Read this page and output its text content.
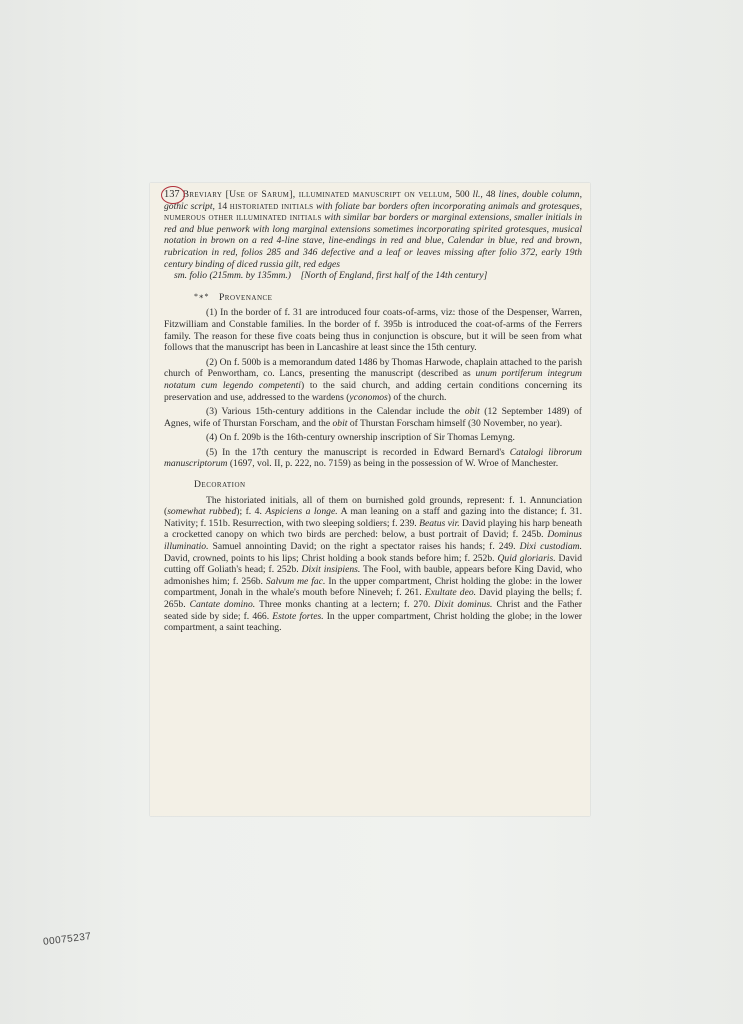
137 Breviary [Use of Sarum], illuminated manuscript on vellum, 500 ll., 48 lines, double column, gothic script, 14 historiated initials with foliate bar borders often incorporating animals and grotesques, numerous other illuminated initials with similar bar borders or marginal extensions, smaller initials in red and blue penwork with long marginal extensions sometimes incorporating spirited grotesques, musical notation in brown on a red 4-line stave, line-endings in red and blue, Calendar in blue, red and brown, rubrication in red, folios 285 and 346 defective and a leaf or leaves missing after folio 372, early 19th century binding of diced russia gilt, red edges
sm. folio (215mm. by 135mm.) [North of England, first half of the 14th century]
*∗* Provenance

(1) In the border of f. 31 are introduced four coats-of-arms, viz: those of the Despenser, Warren, Fitzwilliam and Constable families. In the border of f. 395b is introduced the coat-of-arms of the Ferrers family. The reason for these five coats being thus in conjunction is obscure, but it will be seen from what follows that the manuscript has been in Lancashire at least since the 15th century.

(2) On f. 500b is a memorandum dated 1486 by Thomas Harwode, chaplain attached to the parish church of Penwortham, co. Lancs, presenting the manuscript (described as unum portiferum integrum notatum cum legendo competenti) to the said church, and adding certain conditions concerning its preservation and use, addressed to the wardens (yconomos) of the church.

(3) Various 15th-century additions in the Calendar include the obit (12 September 1489) of Agnes, wife of Thurstan Forscham, and the obit of Thurstan Forscham himself (30 November, no year).

(4) On f. 209b is the 16th-century ownership inscription of Sir Thomas Lemyng.

(5) In the 17th century the manuscript is recorded in Edward Bernard's Catalogi librorum manuscriptorum (1697, vol. II, p. 222, no. 7159) as being in the possession of W. Wroe of Manchester.

Decoration

The historiated initials, all of them on burnished gold grounds, represent: f. 1. Annunciation (somewhat rubbed); f. 4. Aspiciens a longe. A man leaning on a staff and gazing into the distance; f. 31. Nativity; f. 151b. Resurrection, with two sleeping soldiers; f. 239. Beatus vir. David playing his harp beneath a crocketted canopy on which two birds are perched: below, a bust portrait of David; f. 245b. Dominus illuminatio. Samuel annointing David; on the right a spectator raises his hands; f. 249. Dixi custodiam. David, crowned, points to his lips; Christ holding a book stands before him; f. 252b. Quid gloriaris. David cutting off Goliath's head; f. 252b. Dixit insipiens. The Fool, with bauble, appears before King David, who admonishes him; f. 256b. Salvum me fac. In the upper compartment, Christ holding the globe: in the lower compartment, Jonah in the whale's mouth before Nineveh; f. 261. Exultate deo. David playing the bells; f. 265b. Cantate domino. Three monks chanting at a lectern; f. 270. Dixit dominus. Christ and the Father seated side by side; f. 466. Estote fortes. In the upper compartment, Christ holding the globe; in the lower compartment, a saint teaching.

00075237
